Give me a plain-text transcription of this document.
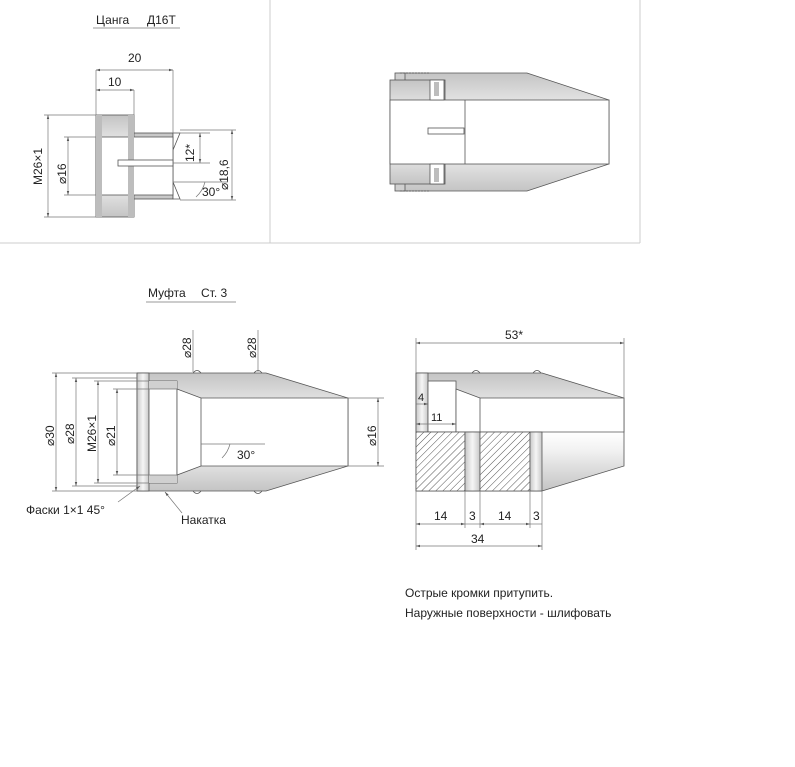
Цанга Д16Т
20
10
М26×1 ⌀16
12*
⌀18,6
30°
Муфта Ст. 3
⌀28	⌀28
⌀30 ⌀28 М26×1 ⌀21	⌀16
30°
Фаски 1×1 45°
Накатка
53*
4
11
14 3 14 3
34
Острые кромки притупить.
Наружные поверхности - шлифовать
